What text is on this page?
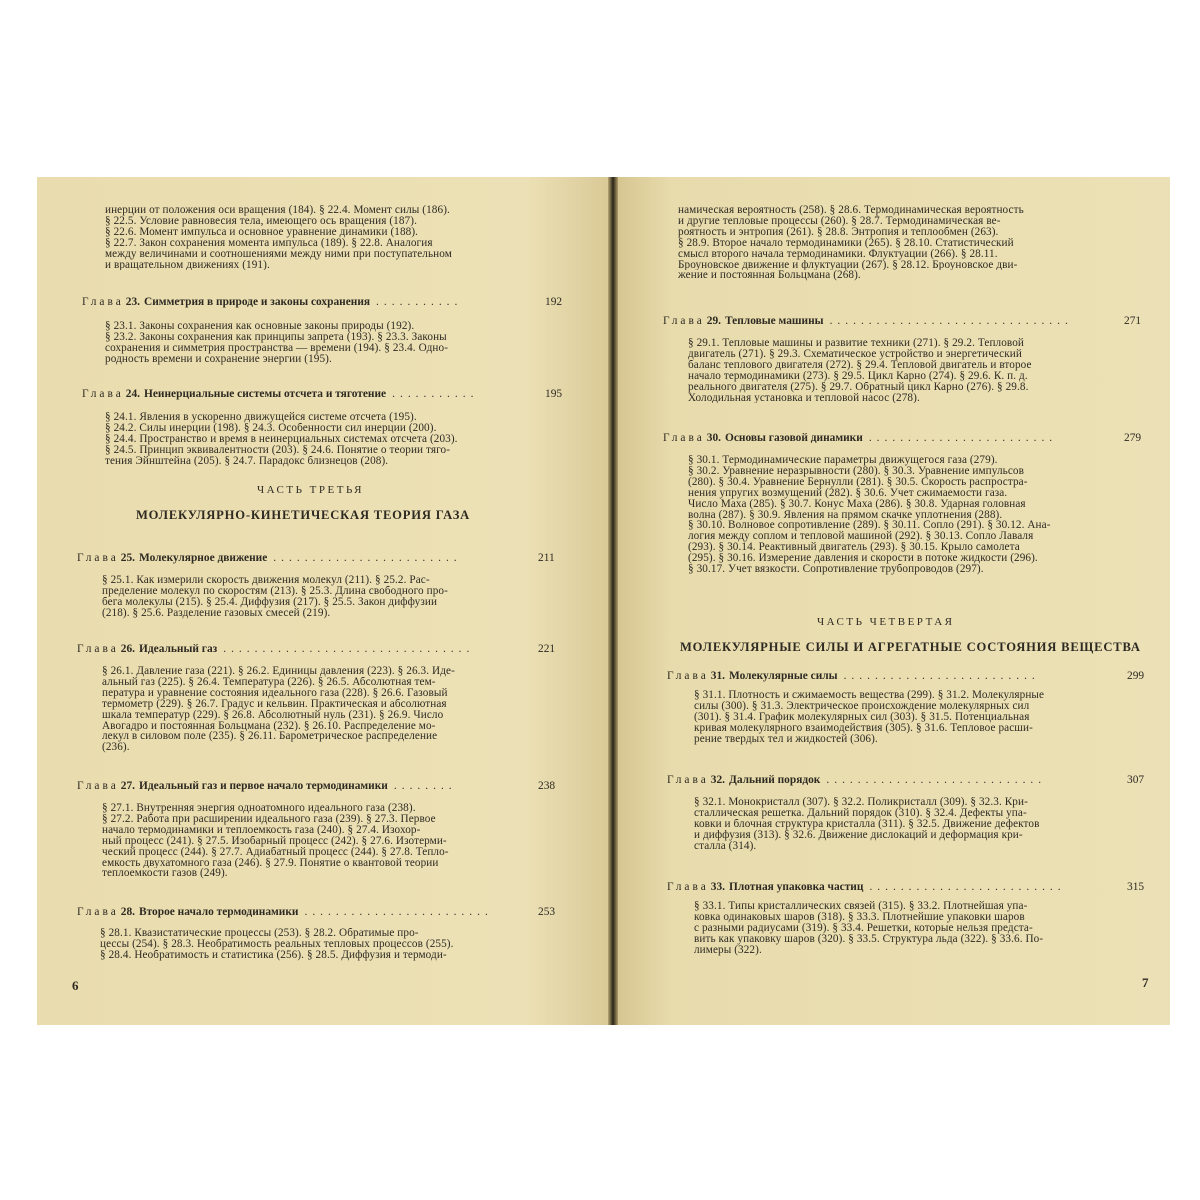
инерции от положения оси вращения (184). § 22.4. Момент силы (186).
§ 22.5. Условие равновесия тела, имеющего ось вращения (187).
§ 22.6. Момент импульса и основное уравнение динамики (188).
§ 22.7. Закон сохранения момента импульса (189). § 22.8. Аналогия
между величинами и соотношениями между ними при поступательном
и вращательном движениях (191).
Глава 23. Симметрия в природе и законы сохранения ...........	192
§ 23.1. Законы сохранения как основные законы природы (192).
§ 23.2. Законы сохранения как принципы запрета (193). § 23.3. Законы
сохранения и симметрия пространства — времени (194). § 23.4. Одно-
родность времени и сохранение энергии (195).
Глава 24. Неинерциальные системы отсчета и тяготение ...........	195
§ 24.1. Явления в ускоренно движущейся системе отсчета (195).
§ 24.2. Силы инерции (198). § 24.3. Особенности сил инерции (200).
§ 24.4. Пространство и время в неинерциальных системах отсчета (203).
§ 24.5. Принцип эквивалентности (203). § 24.6. Понятие о теории тяго-
тения Эйнштейна (205). § 24.7. Парадокс близнецов (208).
ЧАСТЬ ТРЕТЬЯ
МОЛЕКУЛЯРНО-КИНЕТИЧЕСКАЯ ТЕОРИЯ ГАЗА
Глава 25. Молекулярное движение ........................	211
§ 25.1. Как измерили скорость движения молекул (211). § 25.2. Рас-
пределение молекул по скоростям (213). § 25.3. Длина свободного про-
бега молекулы (215). § 25.4. Диффузия (217). § 25.5. Закон диффузии
(218). § 25.6. Разделение газовых смесей (219).
Глава 26. Идеальный газ ................................	221
§ 26.1. Давление газа (221). § 26.2. Единицы давления (223). § 26.3. Иде-
альный газ (225). § 26.4. Температура (226). § 26.5. Абсолютная тем-
пература и уравнение состояния идеального газа (228). § 26.6. Газовый
термометр (229). § 26.7. Градус и кельвин. Практическая и абсолютная
шкала температур (229). § 26.8. Абсолютный нуль (231). § 26.9. Число
Авогадро и постоянная Больцмана (232). § 26.10. Распределение мо-
лекул в силовом поле (235). § 26.11. Барометрическое распределение
(236).
Глава 27. Идеальный газ и первое начало термодинамики ........	238
§ 27.1. Внутренняя энергия одноатомного идеального газа (238).
§ 27.2. Работа при расширении идеального газа (239). § 27.3. Первое
начало термодинамики и теплоемкость газа (240). § 27.4. Изохор-
ный процесс (241). § 27.5. Изобарный процесс (242). § 27.6. Изотерми-
ческий процесс (244). § 27.7. Адиабатный процесс (244). § 27.8. Тепло-
емкость двухатомного газа (246). § 27.9. Понятие о квантовой теории
теплоемкости газов (249).
Глава 28. Второе начало термодинамики ........................	253
§ 28.1. Квазистатические процессы (253). § 28.2. Обратимые про-
цессы (254). § 28.3. Необратимость реальных тепловых процессов (255).
§ 28.4. Необратимость и статистика (256). § 28.5. Диффузия и термоди-
6
намическая вероятность (258). § 28.6. Термодинамическая вероятность
и другие тепловые процессы (260). § 28.7. Термодинамическая ве-
роятность и энтропия (261). § 28.8. Энтропия и теплообмен (263).
§ 28.9. Второе начало термодинамики (265). § 28.10. Статистический
смысл второго начала термодинамики. Флуктуации (266). § 28.11.
Броуновское движение и флуктуации (267). § 28.12. Броуновское дви-
жение и постоянная Больцмана (268).
Глава 29. Тепловые машины ...............................	271
§ 29.1. Тепловые машины и развитие техники (271). § 29.2. Тепловой
двигатель (271). § 29.3. Схематическое устройство и энергетический
баланс теплового двигателя (272). § 29.4. Тепловой двигатель и второе
начало термодинамики (273). § 29.5. Цикл Карно (274). § 29.6. К. п. д.
реального двигателя (275). § 29.7. Обратный цикл Карно (276). § 29.8.
Холодильная установка и тепловой насос (278).
Глава 30. Основы газовой динамики ........................	279
§ 30.1. Термодинамические параметры движущегося газа (279).
§ 30.2. Уравнение неразрывности (280). § 30.3. Уравнение импульсов
(280). § 30.4. Уравнение Бернулли (281). § 30.5. Скорость распростра-
нения упругих возмущений (282). § 30.6. Учет сжимаемости газа.
Число Маха (285). § 30.7. Конус Маха (286). § 30.8. Ударная головная
волна (287). § 30.9. Явления на прямом скачке уплотнения (288).
§ 30.10. Волновое сопротивление (289). § 30.11. Сопло (291). § 30.12. Ана-
логия между соплом и тепловой машиной (292). § 30.13. Сопло Лаваля
(293). § 30.14. Реактивный двигатель (293). § 30.15. Крыло самолета
(295). § 30.16. Измерение давления и скорости в потоке жидкости (296).
§ 30.17. Учет вязкости. Сопротивление трубопроводов (297).
ЧАСТЬ ЧЕТВЕРТАЯ
МОЛЕКУЛЯРНЫЕ СИЛЫ И АГРЕГАТНЫЕ СОСТОЯНИЯ ВЕЩЕСТВА
Глава 31. Молекулярные силы .........................	299
§ 31.1. Плотность и сжимаемость вещества (299). § 31.2. Молекулярные
силы (300). § 31.3. Электрическое происхождение молекулярных сил
(301). § 31.4. График молекулярных сил (303). § 31.5. Потенциальная
кривая молекулярного взаимодействия (305). § 31.6. Тепловое расши-
рение твердых тел и жидкостей (306).
Глава 32. Дальний порядок ............................	307
§ 32.1. Монокристалл (307). § 32.2. Поликристалл (309). § 32.3. Кри-
сталлическая решетка. Дальний порядок (310). § 32.4. Дефекты упа-
ковки и блочная структура кристалла (311). § 32.5. Движение дефектов
и диффузия (313). § 32.6. Движение дислокаций и деформация кри-
сталла (314).
Глава 33. Плотная упаковка частиц .........................	315
§ 33.1. Типы кристаллических связей (315). § 33.2. Плотнейшая упа-
ковка одинаковых шаров (318). § 33.3. Плотнейшие упаковки шаров
с разными радиусами (319). § 33.4. Решетки, которые нельзя предста-
вить как упаковку шаров (320). § 33.5. Структура льда (322). § 33.6. По-
лимеры (322).
7
